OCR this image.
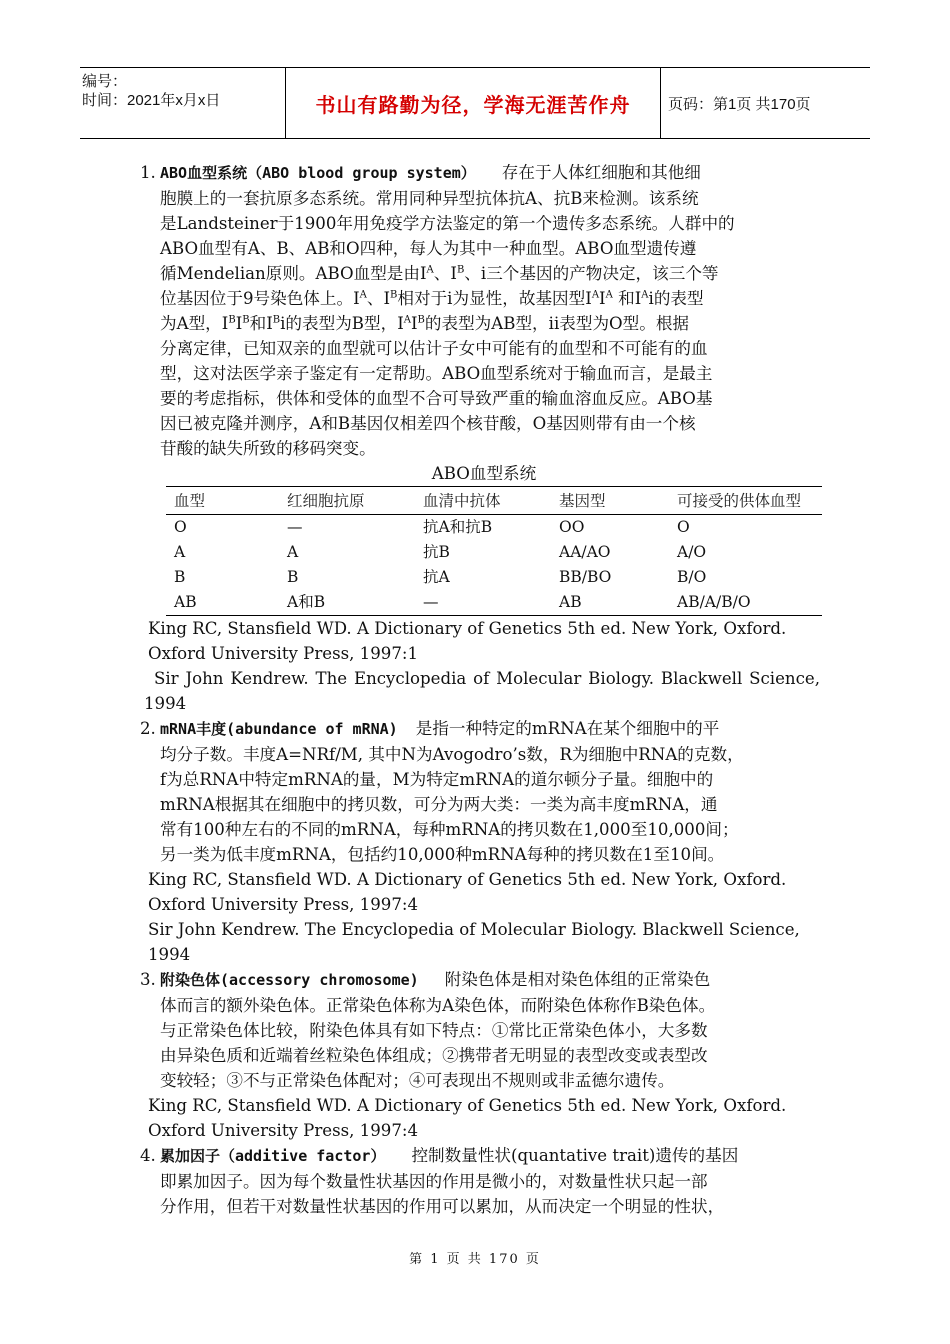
编号：
时间：2021年x月x日	书山有路勤为径，学海无涯苦作舟	页码：第1页 共170页
1. ABO血型系统（ABO blood group system） 存在于人体红细胞和其他细
胞膜上的一套抗原多态系统。常用同种异型抗体抗A、抗B来检测。该系统
是Landsteiner于1900年用免疫学方法鉴定的第一个遗传多态系统。人群中的
ABO血型有A、B、AB和O四种，每人为其中一种血型。ABO血型遗传遵
循Mendelian原则。ABO血型是由$I^A$、$I^B$、i三个基因的产物决定，该三个等
位基因位于9号染色体上。$I^A$、$I^B$相对于i为显性，故基因型$I^AI^A$ 和$I^Ai$的表型
为A型，$I^BI^B$和$I^Bi$的表型为B型，$I^AI^B$的表型为AB型，ii表型为O型。根据
分离定律，已知双亲的血型就可以估计子女中可能有的血型和不可能有的血
型，这对法医学亲子鉴定有一定帮助。ABO血型系统对于输血而言，是最主
要的考虑指标，供体和受体的血型不合可导致严重的输血溶血反应。ABO基
因已被克隆并测序，A和B基因仅相差四个核苷酸，O基因则带有由一个核
苷酸的缺失所致的移码突变。
ABO血型系统
血型	红细胞抗原	血清中抗体	基因型	可接受的供体血型
O	—	抗A和抗B	OO	O
A	A	抗B	AA/AO	A/O
B	B	抗A	BB/BO	B/O
AB	A和B	—	AB	AB/A/B/O
King RC, Stansfield WD. A Dictionary of Genetics 5th ed. New York, Oxford.
Oxford University Press, 1997:1
Sir John Kendrew. The Encyclopedia of Molecular Biology. Blackwell Science,
1994
2. mRNA丰度(abundance of mRNA) 是指一种特定的mRNA在某个细胞中的平
均分子数。丰度A=NRf/M, 其中N为Avogodro’s数，R为细胞中RNA的克数，
f为总RNA中特定mRNA的量，M为特定mRNA的道尔顿分子量。细胞中的
mRNA根据其在细胞中的拷贝数，可分为两大类：一类为高丰度mRNA，通
常有100种左右的不同的mRNA，每种mRNA的拷贝数在1,000至10,000间；
另一类为低丰度mRNA，包括约10,000种mRNA每种的拷贝数在1至10间。
King RC, Stansfield WD. A Dictionary of Genetics 5th ed. New York, Oxford.
Oxford University Press, 1997:4
Sir John Kendrew. The Encyclopedia of Molecular Biology. Blackwell Science,
1994
3. 附染色体(accessory chromosome) 附染色体是相对染色体组的正常染色
体而言的额外染色体。正常染色体称为A染色体，而附染色体称作B染色体。
与正常染色体比较，附染色体具有如下特点：①常比正常染色体小，大多数
由异染色质和近端着丝粒染色体组成；②携带者无明显的表型改变或表型改
变较轻；③不与正常染色体配对；④可表现出不规则或非孟德尔遗传。
King RC, Stansfield WD. A Dictionary of Genetics 5th ed. New York, Oxford.
Oxford University Press, 1997:4
4. 累加因子（additive factor） 控制数量性状(quantative trait)遗传的基因
即累加因子。因为每个数量性状基因的作用是微小的，对数量性状只起一部
分作用，但若干对数量性状基因的作用可以累加，从而决定一个明显的性状，
第 1 页 共 170 页
